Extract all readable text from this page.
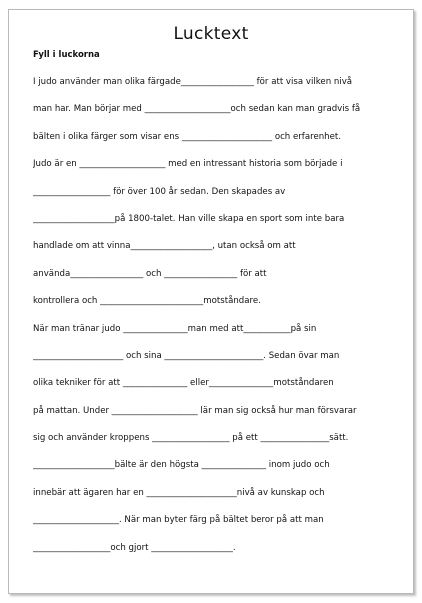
Lucktext
Fyll i luckorna
I judo använder man olika färgade_________________ för att visa vilken nivå
man har. Man börjar med ____________________och sedan kan man gradvis få
bälten i olika färger som visar ens _____________________ och erfarenhet.
Judo är en ____________________ med en intressant historia som började i
__________________ för över 100 år sedan. Den skapades av
___________________på 1800-talet. Han ville skapa en sport som inte bara
handlade om att vinna___________________, utan också om att
använda_________________ och _________________ för att
kontrollera och ________________________motståndare.
När man tränar judo _______________man med att___________på sin
_____________________ och sina _______________________. Sedan övar man
olika tekniker för att _______________ eller_______________motståndaren
på mattan. Under ____________________ lär man sig också hur man försvarar
sig och använder kroppens __________________ på ett ________________sätt.
___________________bälte är den högsta _______________ inom judo och
innebär att ägaren har en _____________________nivå av kunskap och
____________________. När man byter färg på bältet beror på att man
__________________och gjort ___________________.
